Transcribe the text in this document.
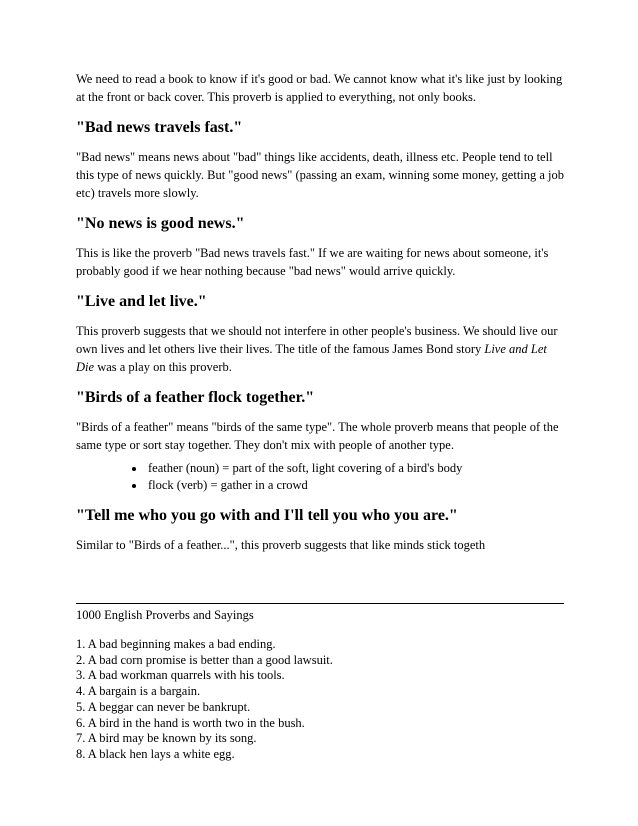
We need to read a book to know if it's good or bad. We cannot know what it's like just by looking at the front or back cover. This proverb is applied to everything, not only books.

"Bad news travels fast."

"Bad news" means news about "bad" things like accidents, death, illness etc. People tend to tell this type of news quickly. But "good news" (passing an exam, winning some money, getting a job etc) travels more slowly.

"No news is good news."

This is like the proverb "Bad news travels fast." If we are waiting for news about someone, it's probably good if we hear nothing because "bad news" would arrive quickly.

"Live and let live."

This proverb suggests that we should not interfere in other people's business. We should live our own lives and let others live their lives. The title of the famous James Bond story Live and Let Die was a play on this proverb.

"Birds of a feather flock together."

"Birds of a feather" means "birds of the same type". The whole proverb means that people of the same type or sort stay together. They don't mix with people of another type.

feather (noun) = part of the soft, light covering of a bird's body
flock (verb) = gather in a crowd
"Tell me who you go with and I'll tell you who you are."

Similar to "Birds of a feather...", this proverb suggests that like minds stick togeth

1000 English Proverbs and Sayings

1. A bad beginning makes a bad ending.
2. A bad corn promise is better than a good lawsuit.
3. A bad workman quarrels with his tools.
4. A bargain is a bargain.
5. A beggar can never be bankrupt.
6. A bird in the hand is worth two in the bush.
7. A bird may be known by its song.
8. A black hen lays a white egg.
